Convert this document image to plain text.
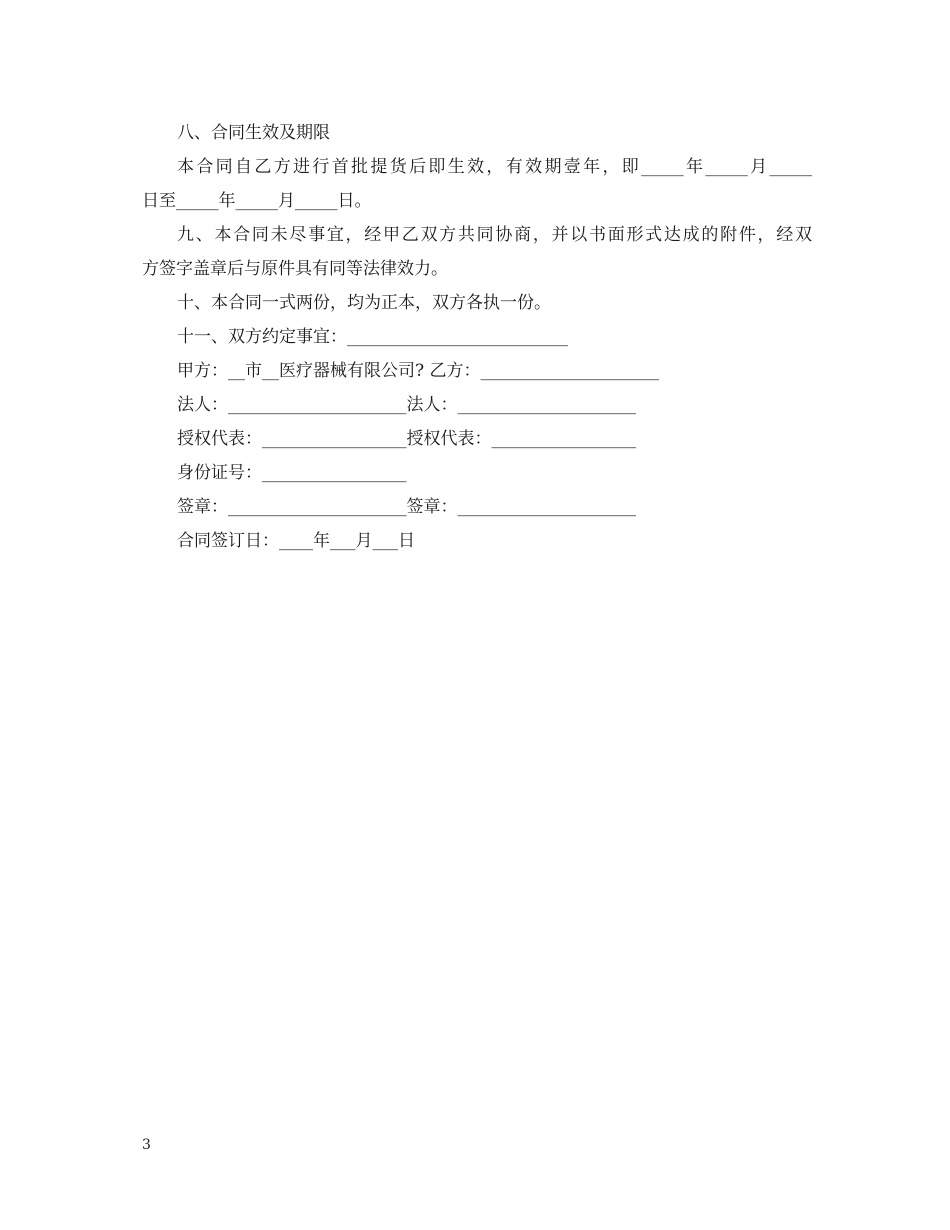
八、合同生效及期限
本合同自乙方进行首批提货后即生效，有效期壹年，即_____年_____月_____
日至_____年_____月_____日。
九、本合同未尽事宜，经甲乙双方共同协商，并以书面形式达成的附件，经双
方签字盖章后与原件具有同等法律效力。
十、本合同一式两份，均为正本，双方各执一份。
十一、双方约定事宜：__________________________
甲方：__市__医疗器械有限公司? 乙方：_____________________
法人：_____________________法人：_____________________
授权代表：_________________授权代表：_________________
身份证号：_________________
签章：_____________________签章：_____________________
合同签订日：____年___月___日
3
